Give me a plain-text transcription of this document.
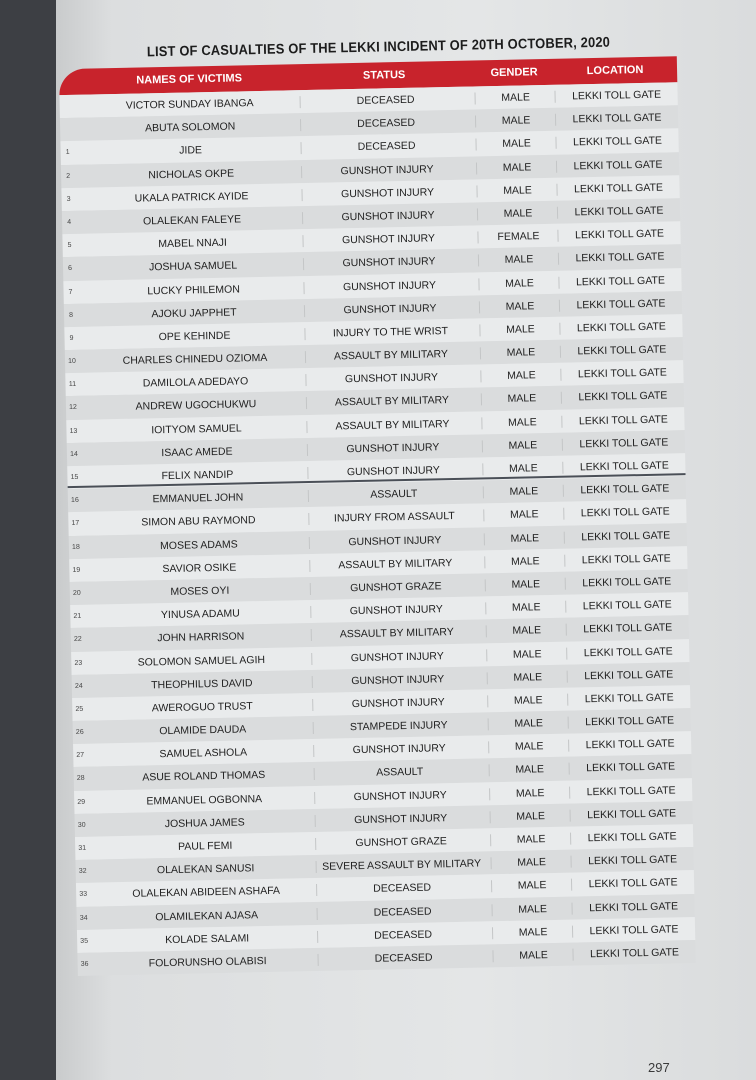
LIST OF CASUALTIES OF THE LEKKI INCIDENT OF 20TH OCTOBER, 2020
NAMES OF VICTIMS	STATUS	GENDER	LOCATION
VICTOR SUNDAY IBANGA	DECEASED	MALE	LEKKI TOLL GATE
ABUTA SOLOMON	DECEASED	MALE	LEKKI TOLL GATE
1	JIDE	DECEASED	MALE	LEKKI TOLL GATE
2	NICHOLAS OKPE	GUNSHOT INJURY	MALE	LEKKI TOLL GATE
3	UKALA PATRICK AYIDE	GUNSHOT INJURY	MALE	LEKKI TOLL GATE
4	OLALEKAN FALEYE	GUNSHOT INJURY	MALE	LEKKI TOLL GATE
5	MABEL NNAJI	GUNSHOT INJURY	FEMALE	LEKKI TOLL GATE
6	JOSHUA SAMUEL	GUNSHOT INJURY	MALE	LEKKI TOLL GATE
7	LUCKY PHILEMON	GUNSHOT INJURY	MALE	LEKKI TOLL GATE
8	AJOKU JAPPHET	GUNSHOT INJURY	MALE	LEKKI TOLL GATE
9	OPE KEHINDE	INJURY TO THE WRIST	MALE	LEKKI TOLL GATE
10	CHARLES CHINEDU OZIOMA	ASSAULT BY MILITARY	MALE	LEKKI TOLL GATE
11	DAMILOLA ADEDAYO	GUNSHOT INJURY	MALE	LEKKI TOLL GATE
12	ANDREW UGOCHUKWU	ASSAULT BY MILITARY	MALE	LEKKI TOLL GATE
13	IOITYOM SAMUEL	ASSAULT BY MILITARY	MALE	LEKKI TOLL GATE
14	ISAAC AMEDE	GUNSHOT INJURY	MALE	LEKKI TOLL GATE
15	FELIX NANDIP	GUNSHOT INJURY	MALE	LEKKI TOLL GATE
16	EMMANUEL JOHN	ASSAULT	MALE	LEKKI TOLL GATE
17	SIMON ABU RAYMOND	INJURY FROM ASSAULT	MALE	LEKKI TOLL GATE
18	MOSES ADAMS	GUNSHOT INJURY	MALE	LEKKI TOLL GATE
19	SAVIOR OSIKE	ASSAULT BY MILITARY	MALE	LEKKI TOLL GATE
20	MOSES OYI	GUNSHOT GRAZE	MALE	LEKKI TOLL GATE
21	YINUSA ADAMU	GUNSHOT INJURY	MALE	LEKKI TOLL GATE
22	JOHN HARRISON	ASSAULT BY MILITARY	MALE	LEKKI TOLL GATE
23	SOLOMON SAMUEL AGIH	GUNSHOT INJURY	MALE	LEKKI TOLL GATE
24	THEOPHILUS DAVID	GUNSHOT INJURY	MALE	LEKKI TOLL GATE
25	AWEROGUO TRUST	GUNSHOT INJURY	MALE	LEKKI TOLL GATE
26	OLAMIDE DAUDA	STAMPEDE INJURY	MALE	LEKKI TOLL GATE
27	SAMUEL ASHOLA	GUNSHOT INJURY	MALE	LEKKI TOLL GATE
28	ASUE ROLAND THOMAS	ASSAULT	MALE	LEKKI TOLL GATE
29	EMMANUEL OGBONNA	GUNSHOT INJURY	MALE	LEKKI TOLL GATE
30	JOSHUA JAMES	GUNSHOT INJURY	MALE	LEKKI TOLL GATE
31	PAUL FEMI	GUNSHOT GRAZE	MALE	LEKKI TOLL GATE
32	OLALEKAN SANUSI	SEVERE ASSAULT BY MILITARY	MALE	LEKKI TOLL GATE
33	OLALEKAN ABIDEEN ASHAFA	DECEASED	MALE	LEKKI TOLL GATE
34	OLAMILEKAN AJASA	DECEASED	MALE	LEKKI TOLL GATE
35	KOLADE SALAMI	DECEASED	MALE	LEKKI TOLL GATE
36	FOLORUNSHO OLABISI	DECEASED	MALE	LEKKI TOLL GATE
297
